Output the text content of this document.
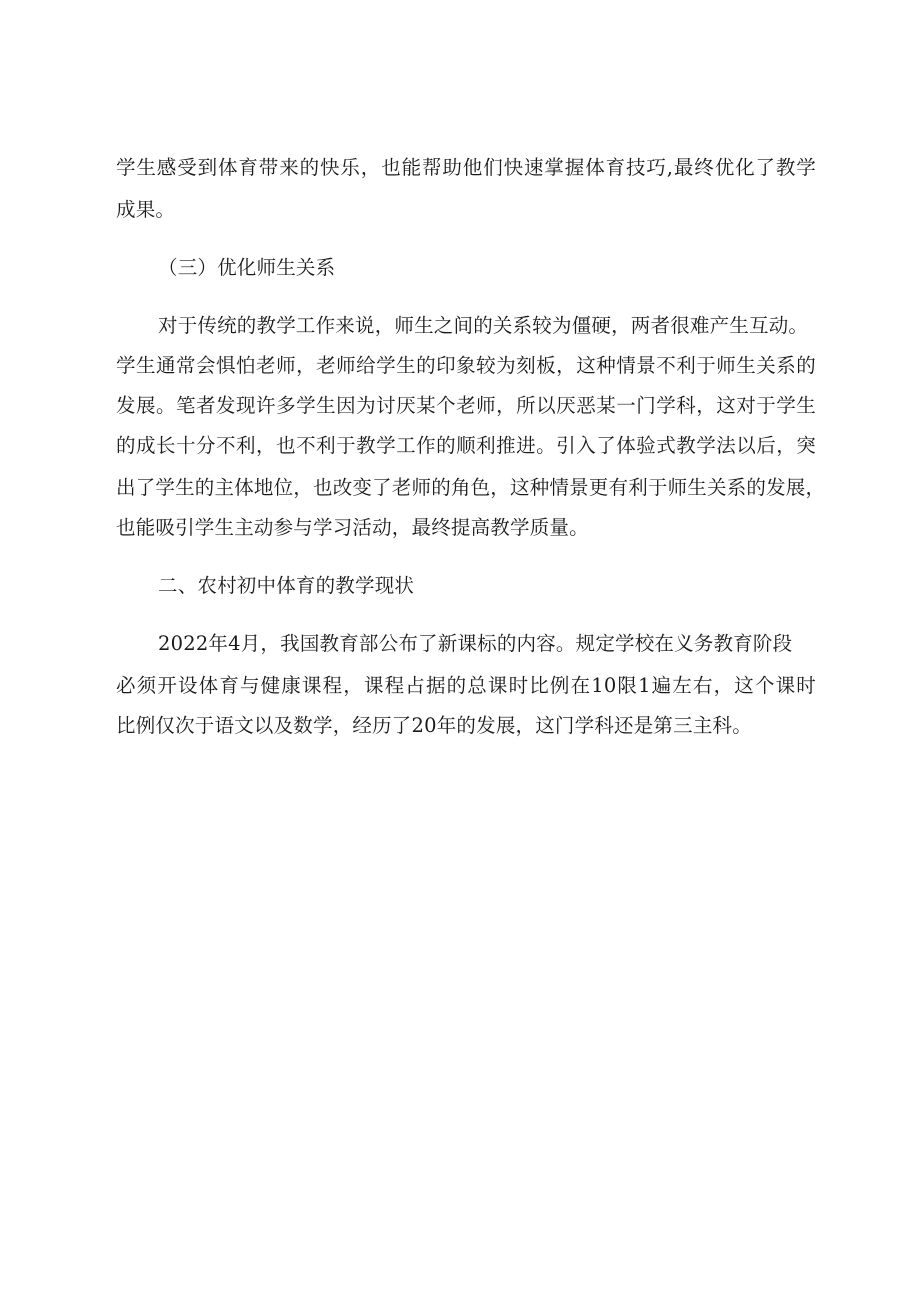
学生感受到体育带来的快乐，也能帮助他们快速掌握体育技巧,最终优化了教学
成果。
（三）优化师生关系
对于传统的教学工作来说，师生之间的关系较为僵硬，两者很难产生互动。
学生通常会惧怕老师，老师给学生的印象较为刻板，这种情景不利于师生关系的
发展。笔者发现许多学生因为讨厌某个老师，所以厌恶某一门学科，这对于学生
的成长十分不利，也不利于教学工作的顺利推进。引入了体验式教学法以后，突
出了学生的主体地位，也改变了老师的角色，这种情景更有利于师生关系的发展，
也能吸引学生主动参与学习活动，最终提高教学质量。
二、农村初中体育的教学现状
2022年4月，我国教育部公布了新课标的内容。规定学校在义务教育阶段
必须开设体育与健康课程，课程占据的总课时比例在10限1遍左右，这个课时
比例仅次于语文以及数学，经历了20年的发展，这门学科还是第三主科。
